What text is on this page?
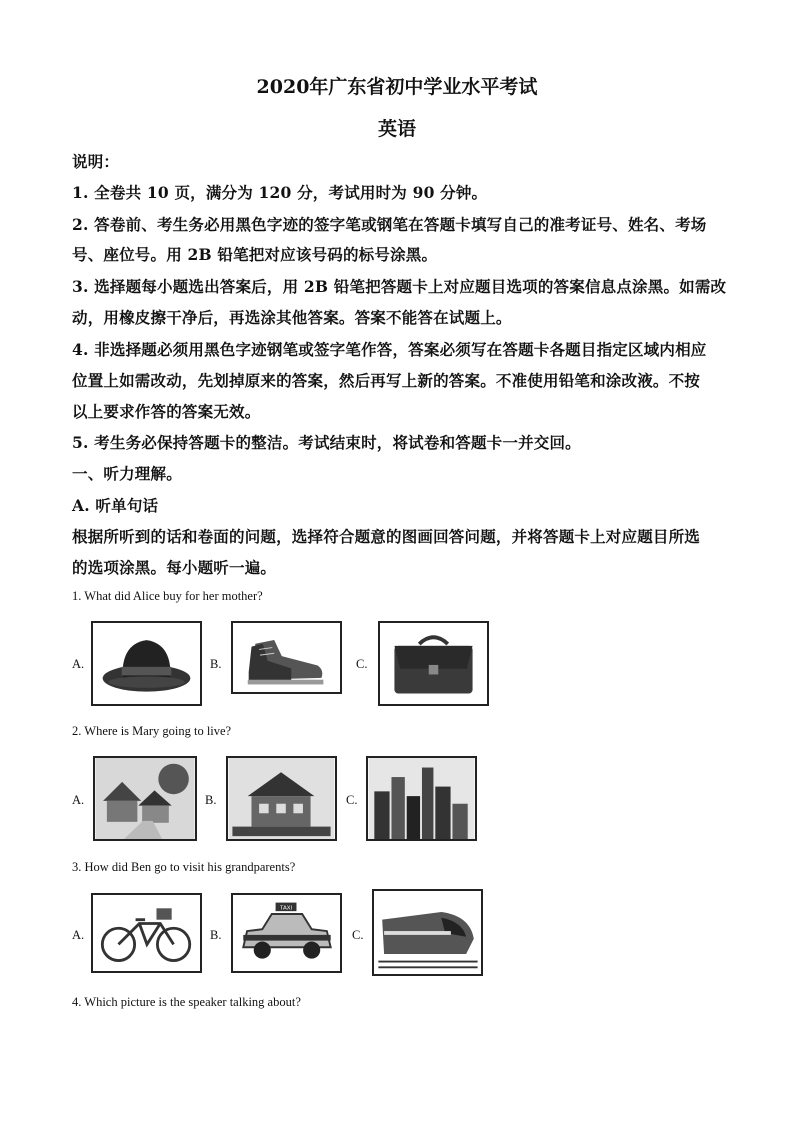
2020年广东省初中学业水平考试
英语
说明：
1. 全卷共 10 页，满分为 120 分，考试用时为 90 分钟。
2. 答卷前、考生务必用黑色字迹的签字笔或钢笔在答题卡填写自己的准考证号、姓名、考场
号、座位号。用 2B 铅笔把对应该号码的标号涂黑。
3. 选择题每小题选出答案后，用 2B 铅笔把答题卡上对应题目选项的答案信息点涂黑。如需改
动，用橡皮擦干净后，再选涂其他答案。答案不能答在试题上。
4. 非选择题必须用黑色字迹钢笔或签字笔作答，答案必须写在答题卡各题目指定区域内相应
位置上如需改动，先划掉原来的答案，然后再写上新的答案。不准使用铅笔和涂改液。不按
以上要求作答的答案无效。
5. 考生务必保持答题卡的整洁。考试结束时，将试卷和答题卡一并交回。
一、听力理解。
A. 听单句话
根据所听到的话和卷面的问题，选择符合题意的图画回答问题，并将答题卡上对应题目所选
的选项涂黑。每小题听一遍。
1. What did Alice buy for her mother?
A.	B.	C.
2. Where is Mary going to live?
A.	B.	C.
3. How did Ben go to visit his grandparents?
A.	B.
TAXI
C.
4. Which picture is the speaker talking about?
